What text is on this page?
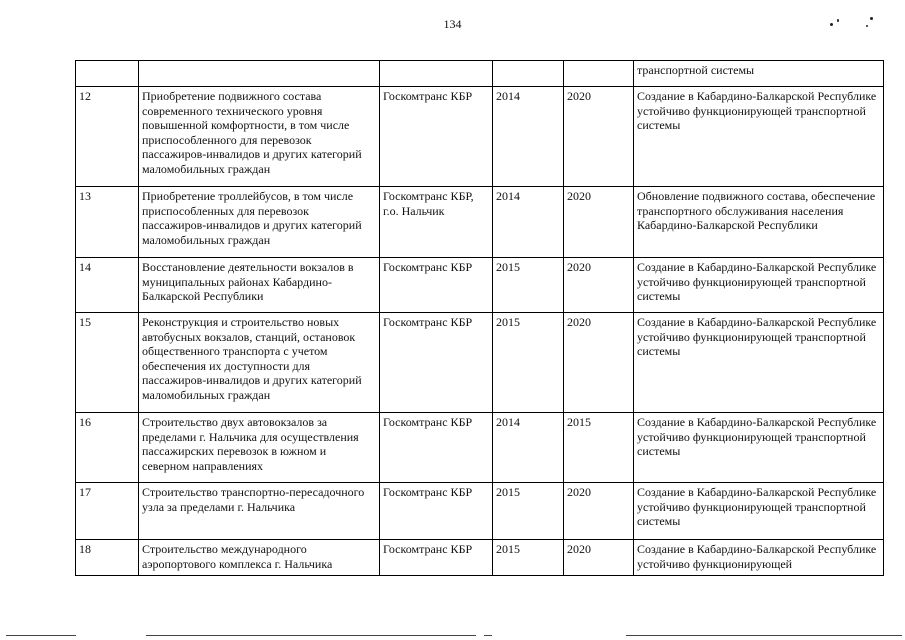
134
					транспортной системы
12	Приобретение подвижного состава современного технического уровня повышенной комфортности, в том числе приспособленного для перевозок пассажиров-инвалидов и других категорий маломобильных граждан	Госкомтранс КБР	2014	2020	Создание в Кабардино-Балкарской Республике устойчиво функционирующей транспортной системы
13	Приобретение троллейбусов, в том числе приспособленных для перевозок пассажиров-инвалидов и других категорий маломобильных граждан	Госкомтранс КБР, г.о. Нальчик	2014	2020	Обновление подвижного состава, обеспечение транспортного обслуживания населения Кабардино-Балкарской Республики
14	Восстановление деятельности вокзалов в муниципальных районах Кабардино-Балкарской Республики	Госкомтранс КБР	2015	2020	Создание в Кабардино-Балкарской Республике устойчиво функционирующей транспортной системы
15	Реконструкция и строительство новых автобусных вокзалов, станций, остановок общественного транспорта с учетом обеспечения их доступности для пассажиров-инвалидов и других категорий маломобильных граждан	Госкомтранс КБР	2015	2020	Создание в Кабардино-Балкарской Республике устойчиво функционирующей транспортной системы
16	Строительство двух автовокзалов за пределами г. Нальчика для осуществления пассажирских перевозок в южном и северном направлениях	Госкомтранс КБР	2014	2015	Создание в Кабардино-Балкарской Республике устойчиво функционирующей транспортной системы
17	Строительство транспортно-пересадочного узла за пределами г. Нальчика	Госкомтранс КБР	2015	2020	Создание в Кабардино-Балкарской Республике устойчиво функционирующей транспортной системы
18	Строительство международного аэропортового комплекса г. Нальчика	Госкомтранс КБР	2015	2020	Создание в Кабардино-Балкарской Республике устойчиво функционирующей
